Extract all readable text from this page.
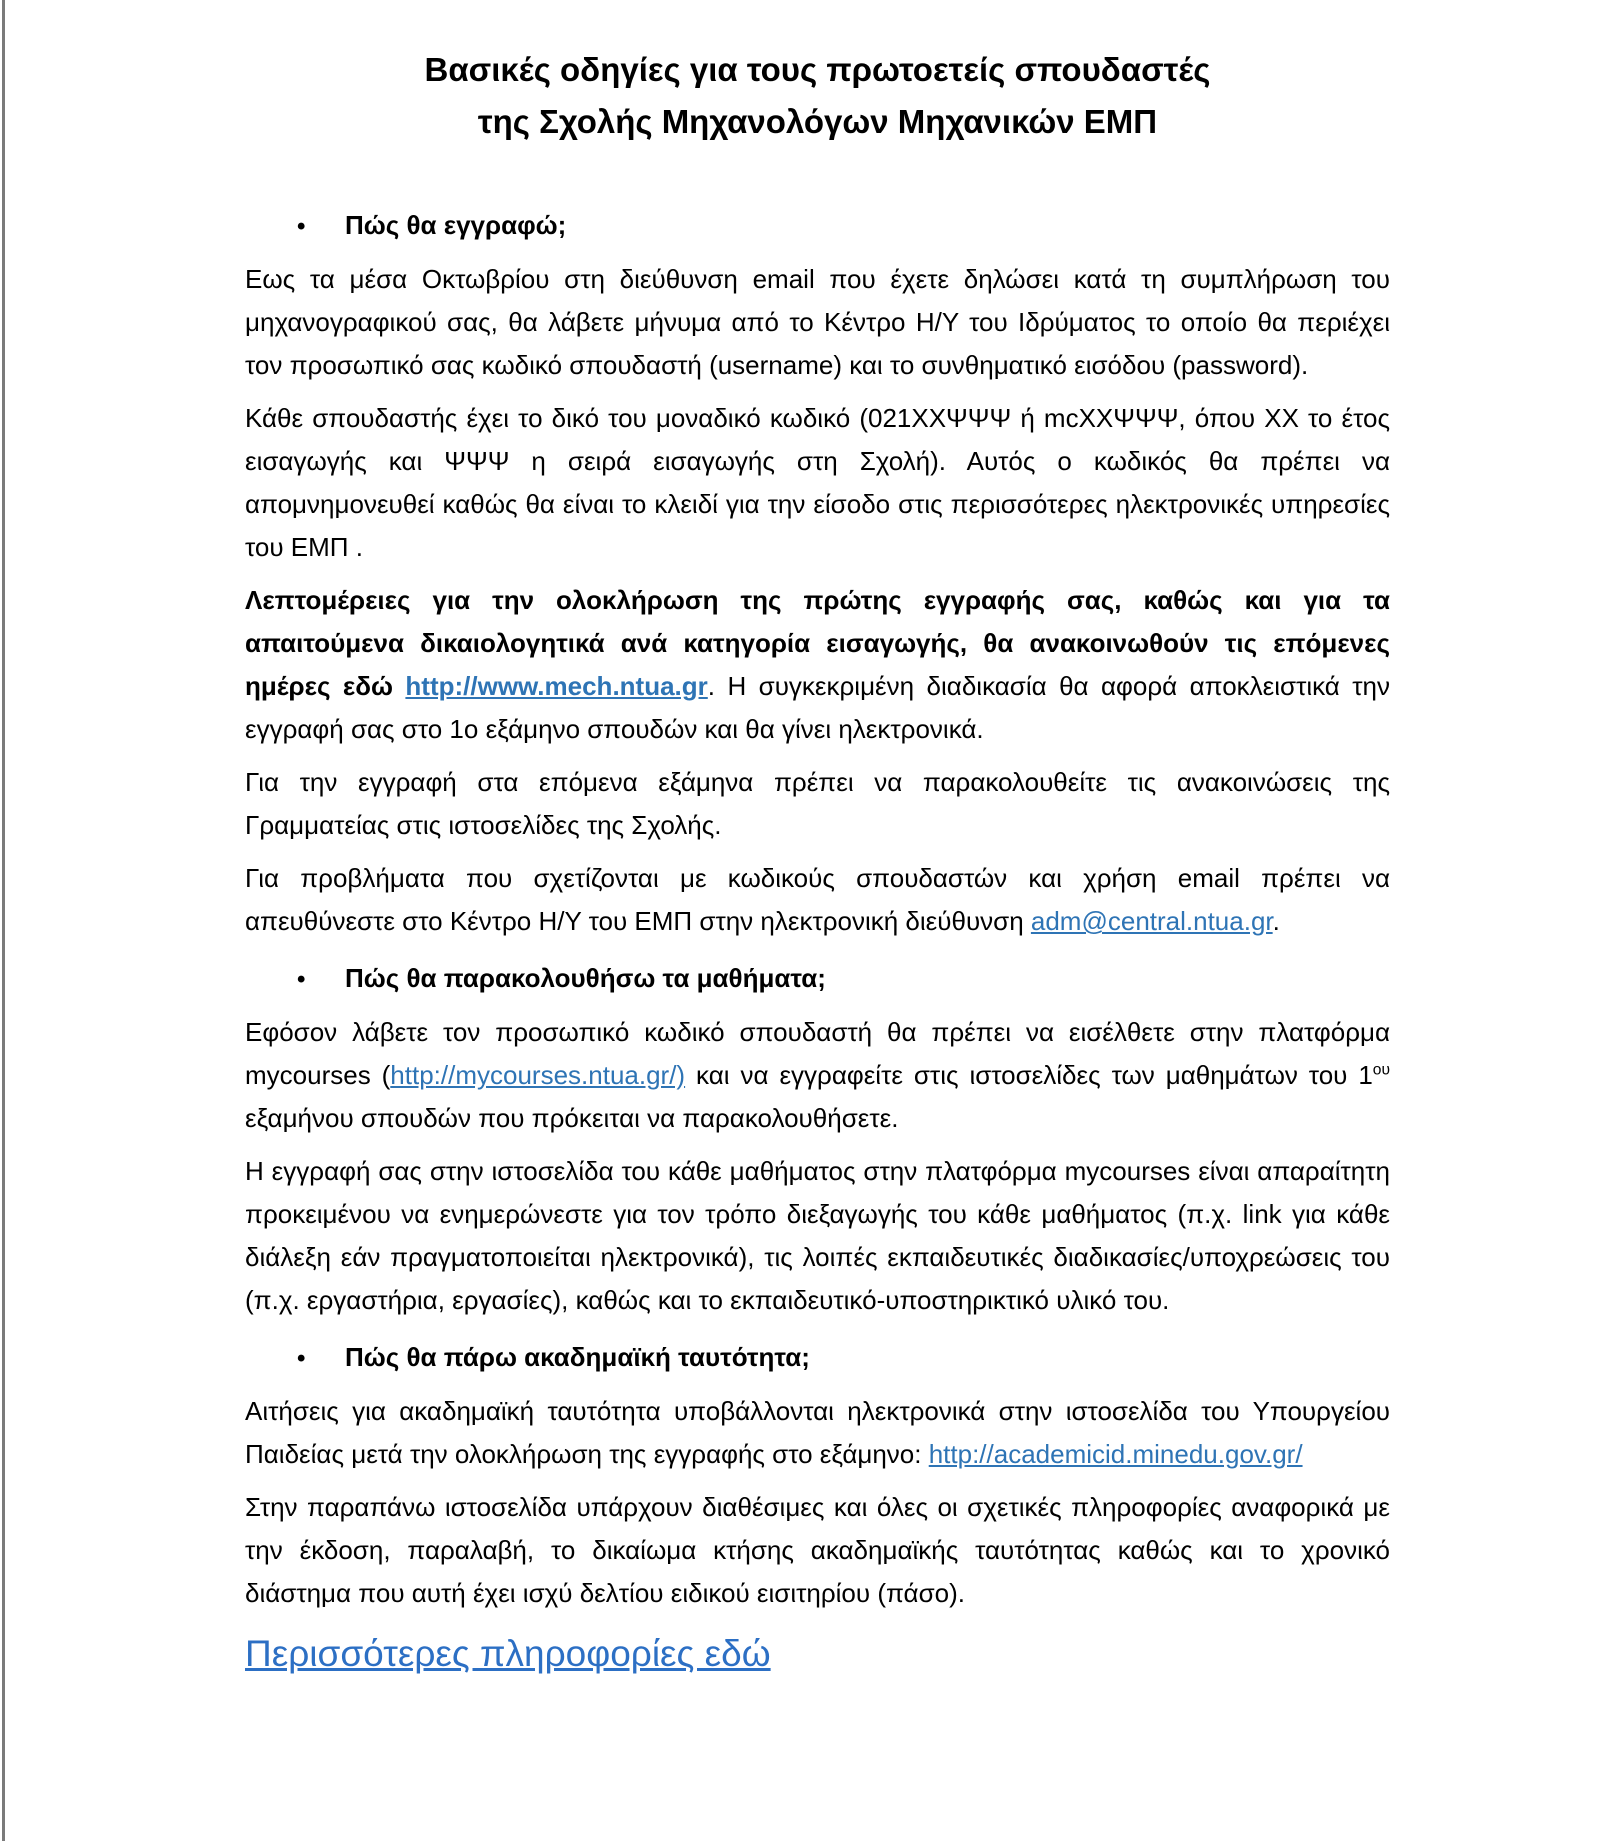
Βασικές οδηγίες για τους πρωτοετείς σπουδαστές
της Σχολής Μηχανολόγων Μηχανικών ΕΜΠ
•	Πώς θα εγγραφώ;

Εως τα μέσα Οκτωβρίου στη διεύθυνση email που έχετε δηλώσει κατά τη συμπλήρωση του μηχανογραφικού σας, θα λάβετε μήνυμα από το Κέντρο Η/Υ του Ιδρύματος το οποίο θα περιέχει τον προσωπικό σας κωδικό σπουδαστή (username) και το συνθηματικό εισόδου (password).

Κάθε σπουδαστής έχει το δικό του μοναδικό κωδικό (021ΧΧΨΨΨ ή mcΧΧΨΨΨ, όπου ΧΧ το έτος εισαγωγής και ΨΨΨ η σειρά εισαγωγής στη Σχολή). Αυτός ο κωδικός θα πρέπει να απομνημονευθεί καθώς θα είναι το κλειδί για την είσοδο στις περισσότερες ηλεκτρονικές υπηρεσίες του ΕΜΠ .

Λεπτομέρειες για την ολοκλήρωση της πρώτης εγγραφής σας, καθώς και για τα απαιτούμενα δικαιολογητικά ανά κατηγορία εισαγωγής, θα ανακοινωθούν τις επόμενες ημέρες εδώ http://www.mech.ntua.gr. Η συγκεκριμένη διαδικασία θα αφορά αποκλειστικά την εγγραφή σας στο 1ο εξάμηνο σπουδών και θα γίνει ηλεκτρονικά.

Για την εγγραφή στα επόμενα εξάμηνα πρέπει να παρακολουθείτε τις ανακοινώσεις της Γραμματείας στις ιστοσελίδες της Σχολής.

Για προβλήματα που σχετίζονται με κωδικούς σπουδαστών και χρήση email πρέπει να απευθύνεστε στο Κέντρο Η/Υ του ΕΜΠ στην ηλεκτρονική διεύθυνση adm@central.ntua.gr.

•	Πώς θα παρακολουθήσω τα μαθήματα;

Εφόσον λάβετε τον προσωπικό κωδικό σπουδαστή θα πρέπει να εισέλθετε στην πλατφόρμα mycourses (http://mycourses.ntua.gr/) και να εγγραφείτε στις ιστοσελίδες των μαθημάτων του $1^{o\upsilon}$ εξαμήνου σπουδών που πρόκειται να παρακολουθήσετε.

Η εγγραφή σας στην ιστοσελίδα του κάθε μαθήματος στην πλατφόρμα mycourses είναι απαραίτητη προκειμένου να ενημερώνεστε για τον τρόπο διεξαγωγής του κάθε μαθήματος (π.χ. link για κάθε διάλεξη εάν πραγματοποιείται ηλεκτρονικά), τις λοιπές εκπαιδευτικές διαδικασίες/υποχρεώσεις του (π.χ. εργαστήρια, εργασίες), καθώς και το εκπαιδευτικό-υποστηρικτικό υλικό του.

•	Πώς θα πάρω ακαδημαϊκή ταυτότητα;

Αιτήσεις για ακαδημαϊκή ταυτότητα υποβάλλονται ηλεκτρονικά στην ιστοσελίδα του Υπουργείου Παιδείας μετά την ολοκλήρωση της εγγραφής στο εξάμηνο: http://academicid.minedu.gov.gr/

Στην παραπάνω ιστοσελίδα υπάρχουν διαθέσιμες και όλες οι σχετικές πληροφορίες αναφορικά με την έκδοση, παραλαβή, το δικαίωμα κτήσης ακαδημαϊκής ταυτότητας καθώς και το χρονικό διάστημα που αυτή έχει ισχύ δελτίου ειδικού εισιτηρίου (πάσο).

Περισσότερες πληροφορίες εδώ
